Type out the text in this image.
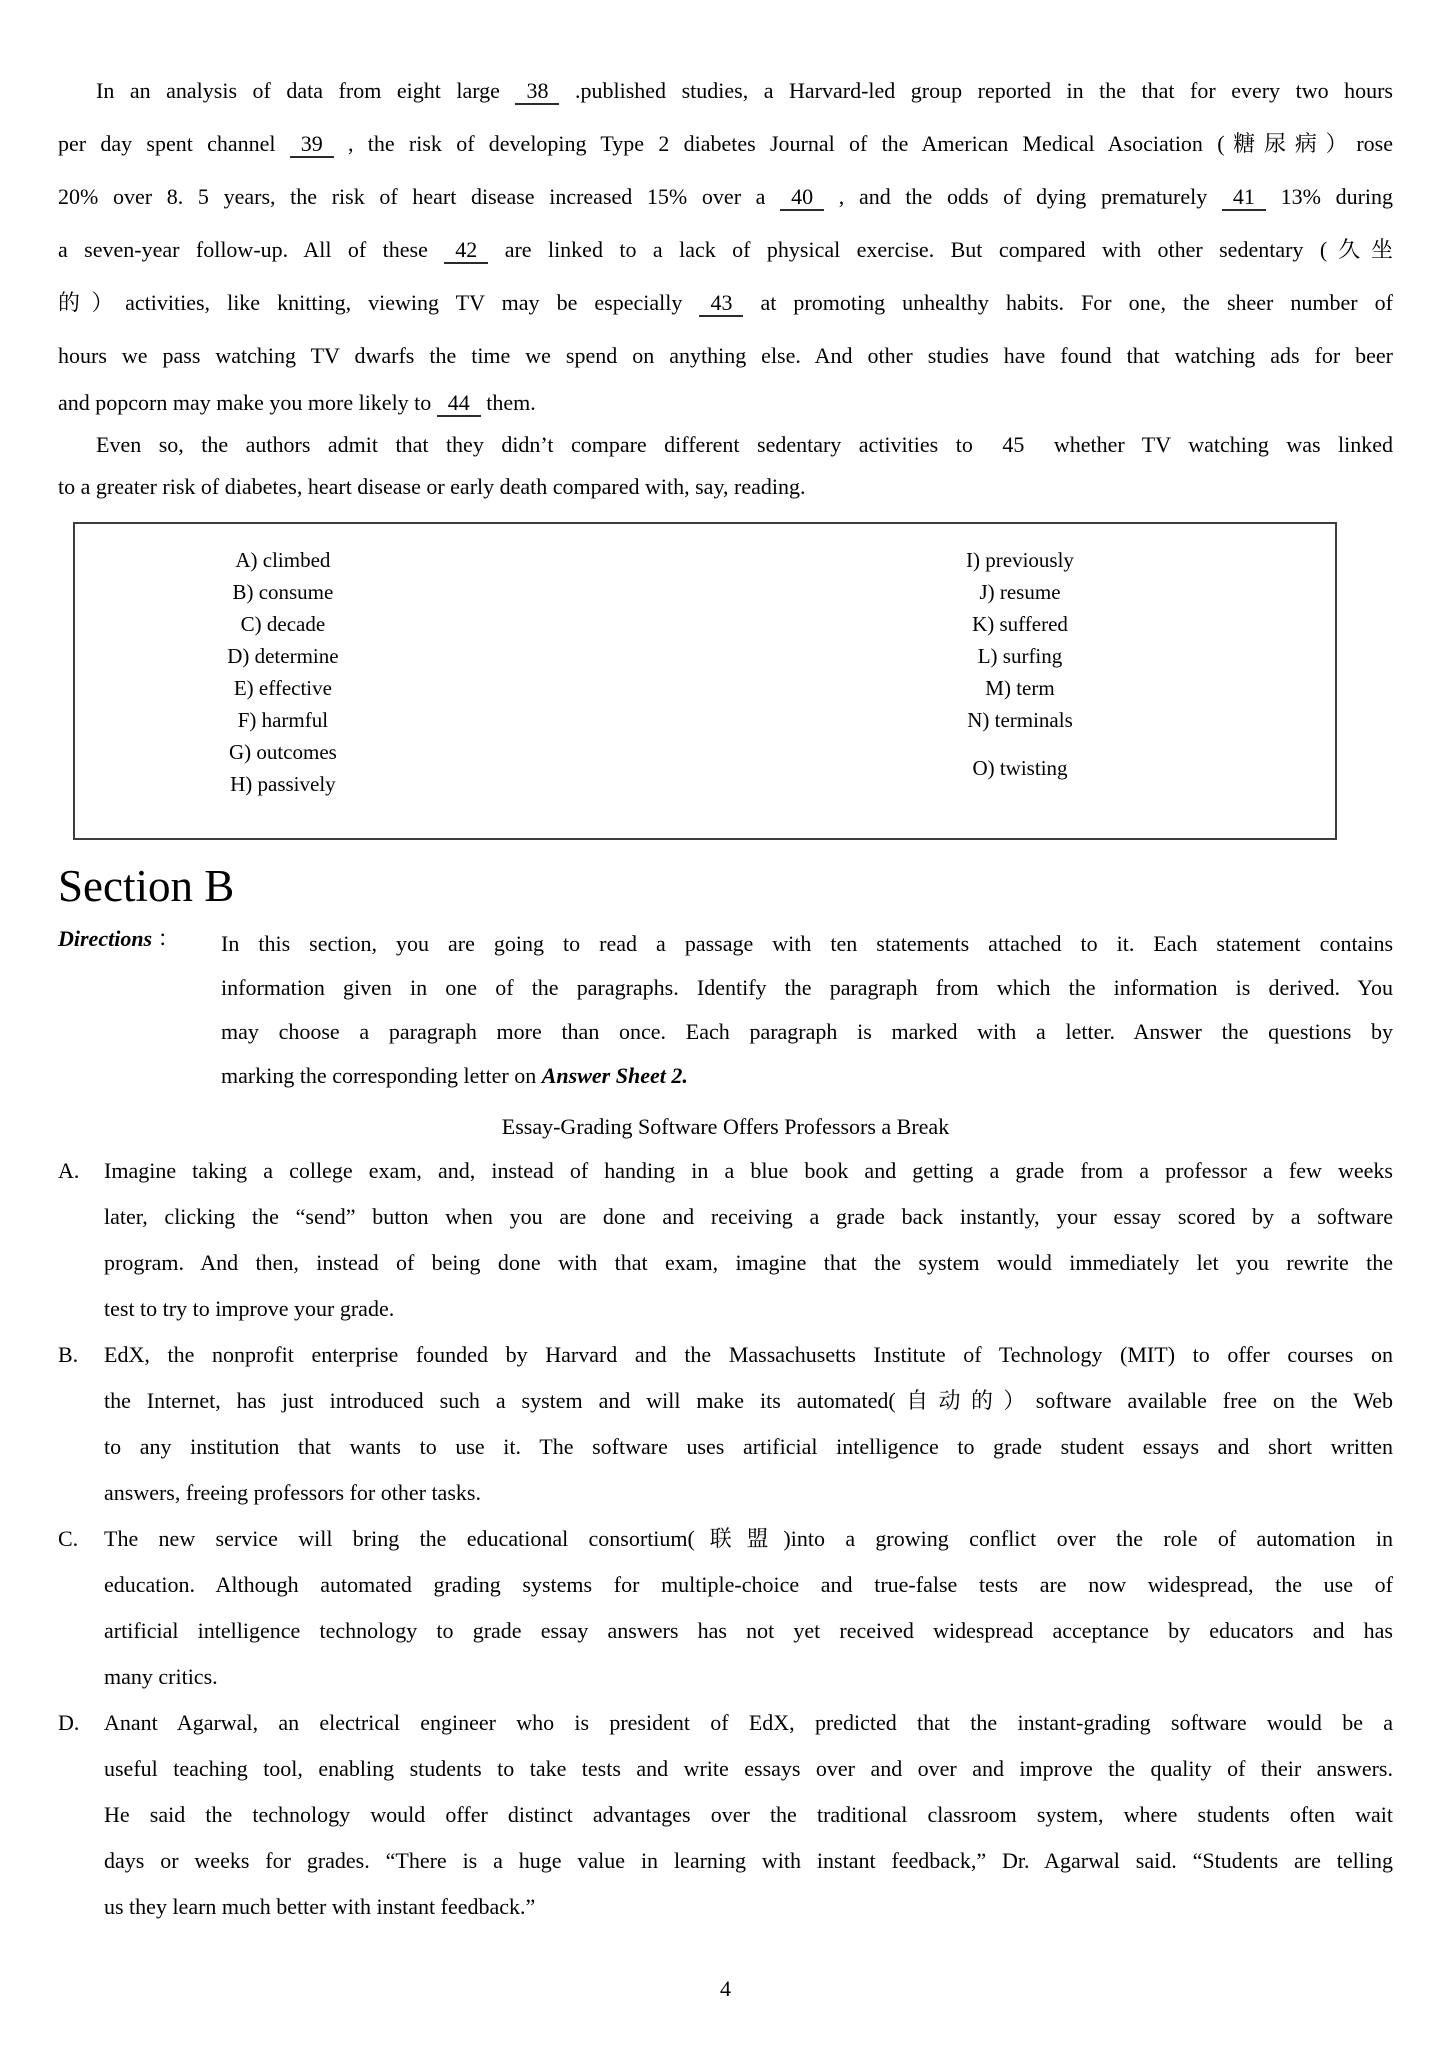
In an analysis of data from eight large 38 .published studies, a Harvard-led group reported in the that for every two hours
per day spent channel 39 , the risk of developing Type 2 diabetes Journal of the American Medical Asociation (糖尿病）rose
20% over 8. 5 years, the risk of heart disease increased 15% over a 40 , and the odds of dying prematurely 41 13% during
a seven-year follow-up. All of these 42 are linked to a lack of physical exercise. But compared with other sedentary (久坐
的）activities, like knitting, viewing TV may be especially 43 at promoting unhealthy habits. For one, the sheer number of
hours we pass watching TV dwarfs the time we spend on anything else. And other studies have found that watching ads for beer
and popcorn may make you more likely to 44 them.
Even so, the authors admit that they didn’t compare different sedentary activities to 45 whether TV watching was linked
to a greater risk of diabetes, heart disease or early death compared with, say, reading.
A) climbed
B) consume
C) decade
D) determine
E) effective
F) harmful
G) outcomes
H) passively
I) previously
J) resume
K) suffered
L) surfing
M) term
N) terminals
O) twisting
Section B
Directions ：	In this section, you are going to read a passage with ten statements attached to it. Each statement contains
information given in one of the paragraphs. Identify the paragraph from which the information is derived. You
may choose a paragraph more than once. Each paragraph is marked with a letter. Answer the questions by
marking the corresponding letter on Answer Sheet 2.
Essay-Grading Software Offers Professors a Break
A.	Imagine taking a college exam, and, instead of handing in a blue book and getting a grade from a professor a few weeks
later, clicking the “send” button when you are done and receiving a grade back instantly, your essay scored by a software
program. And then, instead of being done with that exam, imagine that the system would immediately let you rewrite the
test to try to improve your grade.
B.	EdX, the nonprofit enterprise founded by Harvard and the Massachusetts Institute of Technology (MIT) to offer courses on
the Internet, has just introduced such a system and will make its automated(自动的）software available free on the Web
to any institution that wants to use it. The software uses artificial intelligence to grade student essays and short written
answers, freeing professors for other tasks.
C.	The new service will bring the educational consortium(联盟)into a growing conflict over the role of automation in
education. Although automated grading systems for multiple-choice and true-false tests are now widespread, the use of
artificial intelligence technology to grade essay answers has not yet received widespread acceptance by educators and has
many critics.
D.	Anant Agarwal, an electrical engineer who is president of EdX, predicted that the instant-grading software would be a
useful teaching tool, enabling students to take tests and write essays over and over and improve the quality of their answers.
He said the technology would offer distinct advantages over the traditional classroom system, where students often wait
days or weeks for grades. “There is a huge value in learning with instant feedback,” Dr. Agarwal said. “Students are telling
us they learn much better with instant feedback.”
4
